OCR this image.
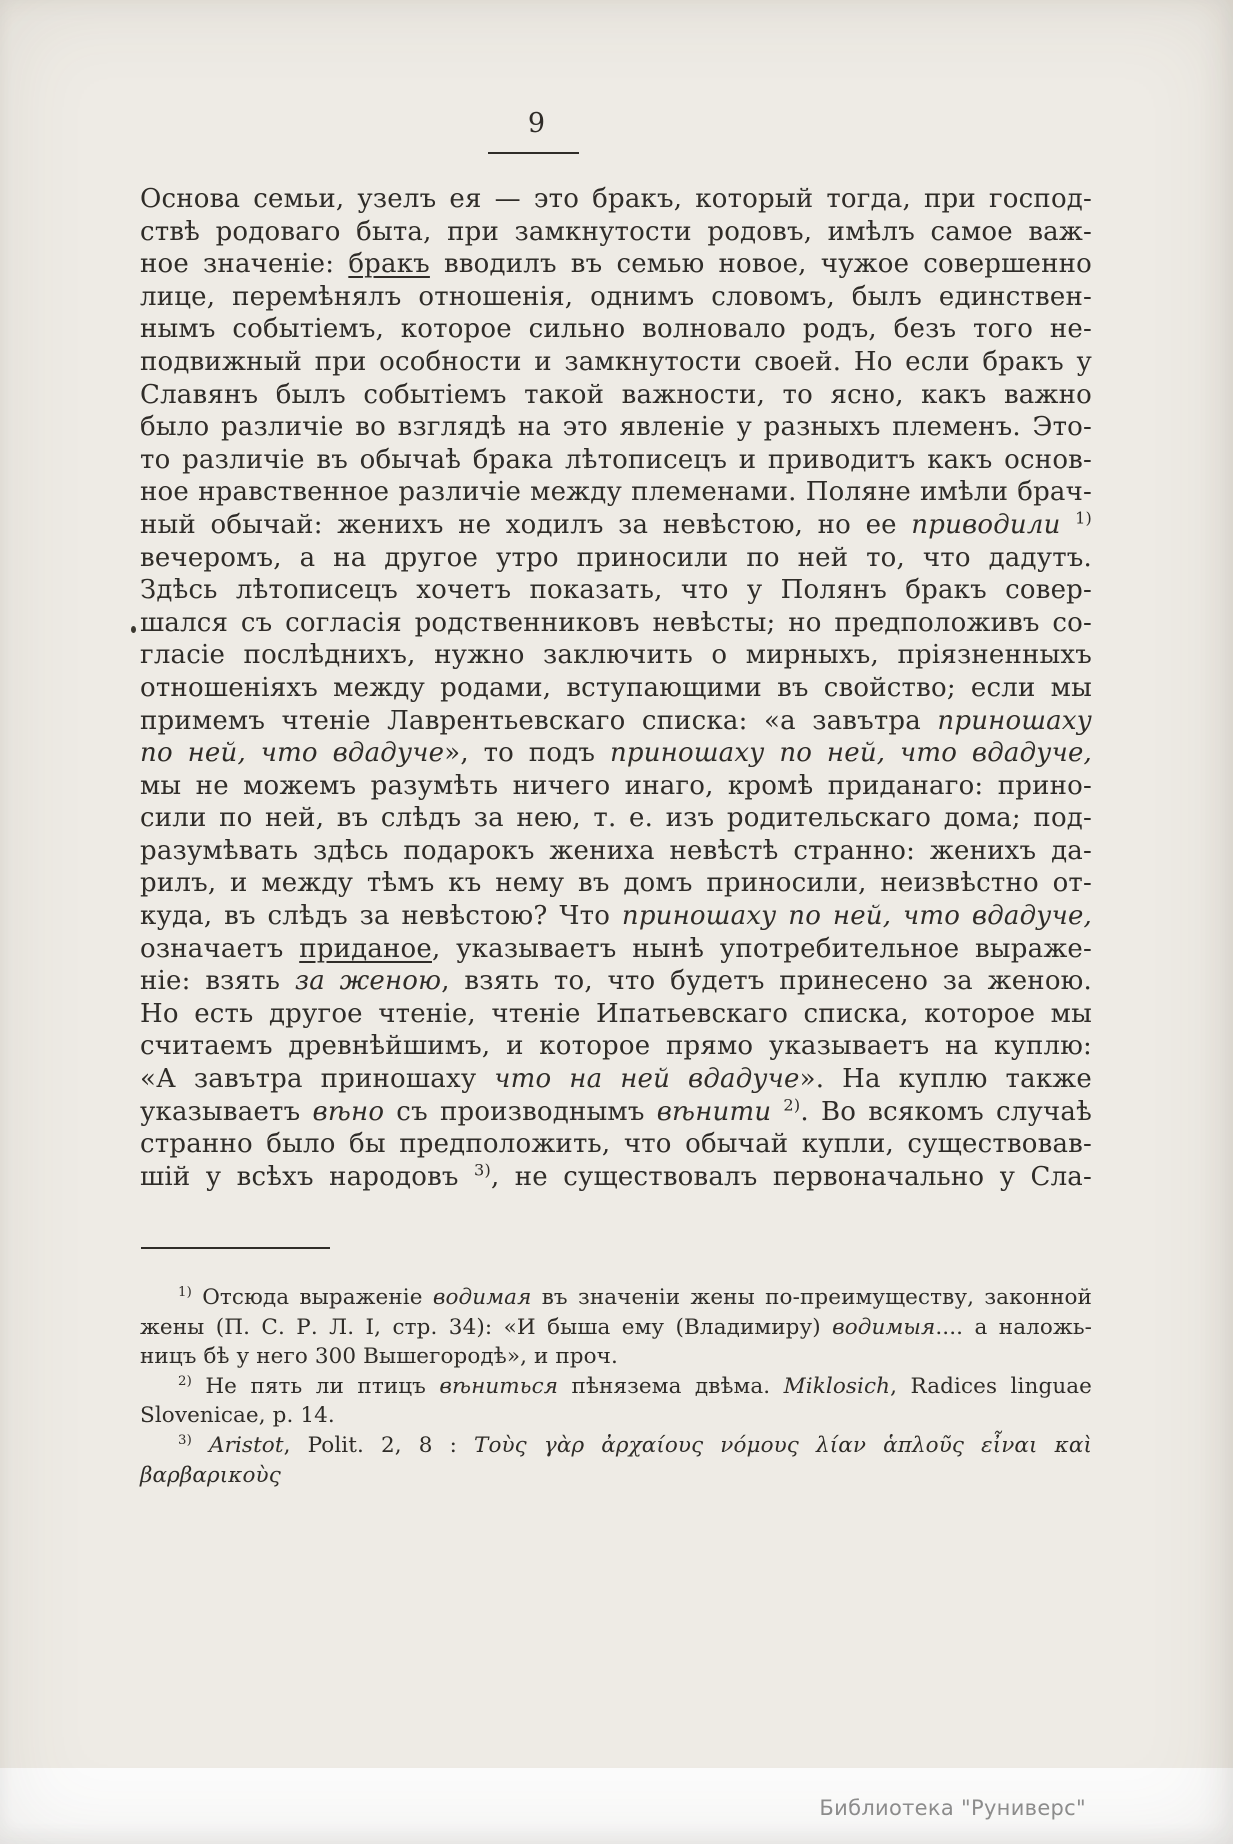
9
Основа семьи, узелъ ея — это бракъ, который тогда, при господ-
ствѣ родоваго быта, при замкнутости родовъ, имѣлъ самое важ-
ное значеніе: бракъ вводилъ въ семью новое, чужое совершенно
лице, перемѣнялъ отношенія, однимъ словомъ, былъ единствен-
нымъ событіемъ, которое сильно волновало родъ, безъ того не-
подвижный при особности и замкнутости своей. Но если бракъ у
Славянъ былъ событіемъ такой важности, то ясно, какъ важно
было различіе во взглядѣ на это явленіе у разныхъ племенъ. Это-
то различіе въ обычаѣ брака лѣтописецъ и приводитъ какъ основ-
ное нравственное различіе между племенами. Поляне имѣли брач-
ный обычай: женихъ не ходилъ за невѣстою, но ее приводили $^{1)}$
вечеромъ, а на другое утро приносили по ней то, что дадутъ.
Здѣсь лѣтописецъ хочетъ показать, что у Полянъ бракъ совер-
шался съ согласія родственниковъ невѣсты; но предположивъ со-
гласіе послѣднихъ, нужно заключить о мирныхъ, пріязненныхъ
отношеніяхъ между родами, вступающими въ свойство; если мы
примемъ чтеніе Лаврентьевскаго списка: «а завътра приношаху
по ней, что вдадуче», то подъ приношаху по ней, что вдадуче,
мы не можемъ разумѣть ничего инаго, кромѣ приданаго: прино-
сили по ней, въ слѣдъ за нею, т. е. изъ родительскаго дома; под-
разумѣвать здѣсь подарокъ жениха невѣстѣ странно: женихъ да-
рилъ, и между тѣмъ къ нему въ домъ приносили, неизвѣстно от-
куда, въ слѣдъ за невѣстою? Что приношаху по ней, что вдадуче,
означаетъ приданое, указываетъ нынѣ употребительное выраже-
ніе: взять за женою, взять то, что будетъ принесено за женою.
Но есть другое чтеніе, чтеніе Ипатьевскаго списка, которое мы
считаемъ древнѣйшимъ, и которое прямо указываетъ на куплю:
«А завътра приношаху что на ней вдадуче». На куплю также
указываетъ вѣно съ производнымъ вѣнити $^{2)}$. Во всякомъ случаѣ
странно было бы предположить, что обычай купли, существовав-
шій у всѣхъ народовъ $^{3)}$, не существовалъ первоначально у Сла-
$^{1)}$ Отсюда выраженіе водимая въ значеніи жены по-преимуществу, законной
жены (П. С. Р. Л. I, стр. 34): «И быша ему (Владимиру) водимыя.... а наложь-
ницъ бѣ у него 300 Вышегородѣ», и проч.
$^{2)}$ Не пять ли птицъ вѣниться пѣнязема двѣма. Miklosich, Radices linguae
Slovenicae, p. 14.
$^{3)}$ Aristot, Polit. 2, 8 : Τοὺς γὰρ ἀρχαίους νόμους λίαν ἁπλοῦς εἶναι καὶ βαρβαρικοὺς
Библиотека "Руниверс"
